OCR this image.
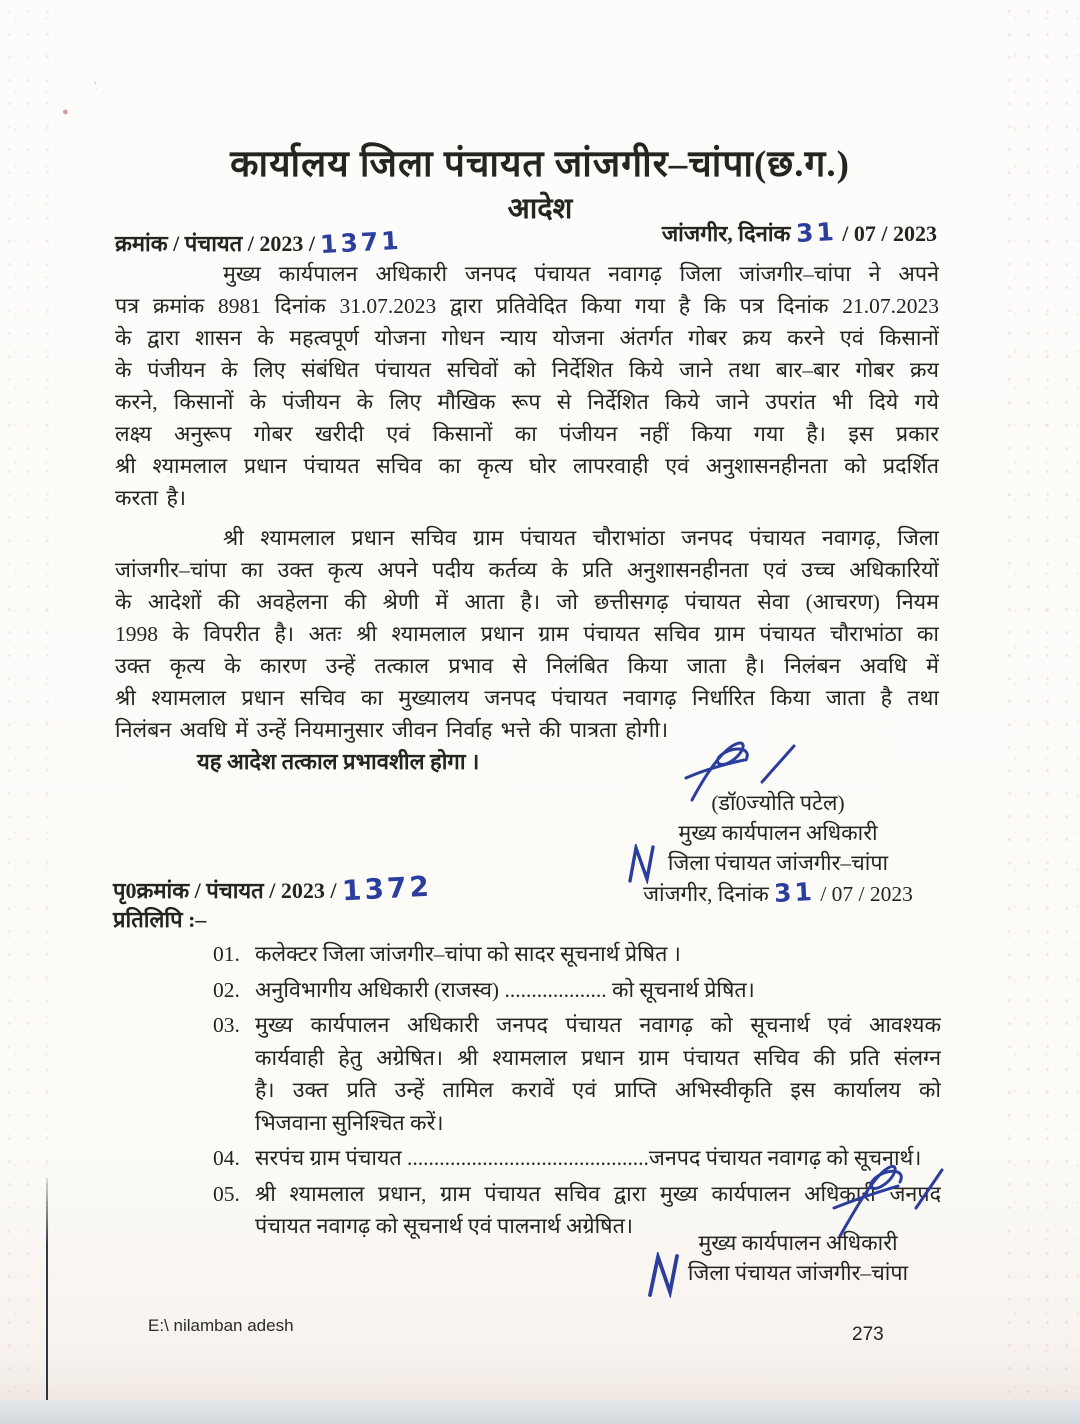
ؚ˒
●
कार्यालय जिला पंचायत जांजगीर–चांपा(छ.ग.)
आदेश
क्रमांक / पंचायत / 2023 / 1371	जांजगीर, दिनांक 31 / 07 / 2023
मुख्य कार्यपालन अधिकारी जनपद पंचायत नवागढ़ जिला जांजगीर–चांपा ने अपने
पत्र क्रमांक 8981 दिनांक 31.07.2023 द्वारा प्रतिवेदित किया गया है कि पत्र दिनांक 21.07.2023
के द्वारा शासन के महत्वपूर्ण योजना गोधन न्याय योजना अंतर्गत गोबर क्रय करने एवं किसानों
के पंजीयन के लिए संबंधित पंचायत सचिवों को निर्देशित किये जाने तथा बार–बार गोबर क्रय
करने, किसानों के पंजीयन के लिए मौखिक रूप से निर्देशित किये जाने उपरांत भी दिये गये
लक्ष्य अनुरूप गोबर खरीदी एवं किसानों का पंजीयन नहीं किया गया है। इस प्रकार
श्री श्यामलाल प्रधान पंचायत सचिव का कृत्य घोर लापरवाही एवं अनुशासनहीनता को प्रदर्शित
करता है।
श्री श्यामलाल प्रधान सचिव ग्राम पंचायत चौराभांठा जनपद पंचायत नवागढ़, जिला
जांजगीर–चांपा का उक्त कृत्य अपने पदीय कर्तव्य के प्रति अनुशासनहीनता एवं उच्च अधिकारियों
के आदेशों की अवहेलना की श्रेणी में आता है। जो छत्तीसगढ़ पंचायत सेवा (आचरण) नियम
1998 के विपरीत है। अतः श्री श्यामलाल प्रधान ग्राम पंचायत सचिव ग्राम पंचायत चौराभांठा का
उक्त कृत्य के कारण उन्हें तत्काल प्रभाव से निलंबित किया जाता है। निलंबन अवधि में
श्री श्यामलाल प्रधान सचिव का मुख्यालय जनपद पंचायत नवागढ़ निर्धारित किया जाता है तथा
निलंबन अवधि में उन्हें नियमानुसार जीवन निर्वाह भत्ते की पात्रता होगी।
यह आदेश तत्काल प्रभावशील होगा ।
(डॉ0ज्योति पटेल)
मुख्य कार्यपालन अधिकारी
जिला पंचायत जांजगीर–चांपा
जांजगीर, दिनांक 31 / 07 / 2023
पृ0क्रमांक / पंचायत / 2023 / 1372
प्रतिलिपि :–
01. कलेक्टर जिला जांजगीर–चांपा को सादर सूचनार्थ प्रेषित ।
02. अनुविभागीय अधिकारी (राजस्व) ................... को सूचनार्थ प्रेषित।
03. मुख्य कार्यपालन अधिकारी जनपद पंचायत नवागढ़ को सूचनार्थ एवं आवश्यक
कार्यवाही हेतु अग्रेषित। श्री श्यामलाल प्रधान ग्राम पंचायत सचिव की प्रति संलग्न
है। उक्त प्रति उन्हें तामिल करावें एवं प्राप्ति अभिस्वीकृति इस कार्यालय को
भिजवाना सुनिश्चित करें।
04. सरपंच ग्राम पंचायत .............................................जनपद पंचायत नवागढ़ को सूचनार्थ।
05. श्री श्यामलाल प्रधान, ग्राम पंचायत सचिव द्वारा मुख्य कार्यपालन अधिकारी जनपद
पंचायत नवागढ़ को सूचनार्थ एवं पालनार्थ अग्रेषित।
मुख्य कार्यपालन अधिकारी
जिला पंचायत जांजगीर–चांपा
E:\ nilamban adesh	273
